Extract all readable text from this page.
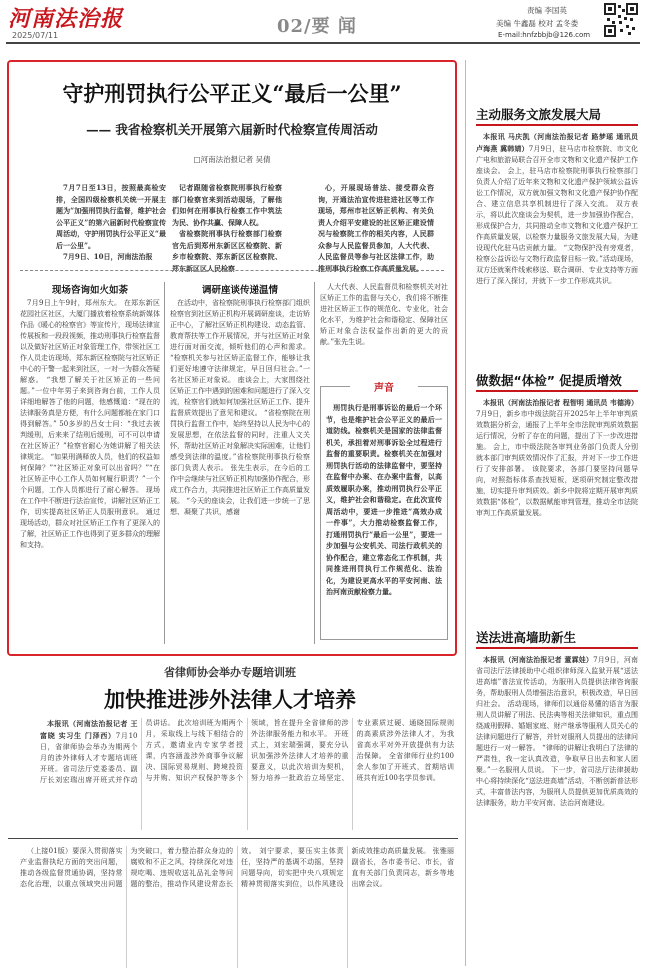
河南法治报
2025/07/11	02/要 闻
责编 李国英
美编 牛鑫磊 校对 孟冬娄
E-mail:hnfzbbjb@126.com
守护刑罚执行公平正义“最后一公里”
—— 我省检察机关开展第六届新时代检察宣传周活动
□河南法治报记者 吴倩

7月7日至13日，按照最高检安排，全国四级检察机关统一开展主题为“加强刑罚执行监督，维护社会公平正义”的第六届新时代检察宣传周活动，守护刑罚执行公平正义“最后一公里”。

7月9日、10日，河南法治报

记者跟随省检察院刑事执行检察部门检察官来到活动现场，了解他们如何在刑事执行检察工作中筑法为民、协作共赢、保障人权。

省检察院刑事执行检察部门检察官先后到郑州东新区区检察院、新乡市检察院、郑东新区区检察院、郑东新区区人民检察

心，开展现场普法、接受群众咨询，开通法治宣传进驻进社区等工作现场，郑州市社区矫正机构、有关负责人介绍平安建设的社区矫正建设情况与检察院工作的相关内容，人民群众参与人民监督员参加，人大代表、人民监督员等参与社区法律工作，助推刑事执行检察工作高质量发展。

现场咨询如火如荼

7月9日上午9时，郑州东大。 在郑东新区花园社区社区，大厦门播放着检察系统新媒体作品《暖心的检察官》等宣传片，现场法律宣传展板和一段段视频，推动刑事执行检察监督以及做好社区矫正对象管理工作，带领社区工作人员走访现场，郑东新区检察院与社区矫正中心的干警一起来到社区，一对一为群众答疑解惑。 “我想了解关于社区矫正的一些问题。”一位中年男子来到咨询台前，工作人员详细地解答了他的问题，他感慨道：“现在的法律服务真是方便，有什么问题都能在家门口得到解答。” 50多岁的吕女士问：“我过去被判缓刑，后来来了结刑后缓刑，可不可以申请在社区矫正？”检察官耐心为她讲解了相关法律规定。 “如果刑满释放人员，他们的权益如何保障？”“社区矫正对象可以出省吗？”“在社区矫正中心工作人员如何履行职责？”一个个问题，工作人员都进行了耐心解答。 现场在工作中不断进行法治宣传，讲解社区矫正工作，切实提高社区矫正人员服刑意识。 通过现场活动，群众对社区矫正工作有了更深入的了解，社区矫正工作也得到了更多群众的理解和支持。

调研座谈传递温情

在活动中，省检察院刑事执行检察部门组织检察官到社区矫正机构开展调研座谈，走访矫正中心，了解社区矫正机构建设、动态监管、教育帮扶等工作开展情况，并与社区矫正对象进行面对面交流，倾听他们的心声和需求。 “检察机关参与社区矫正监督工作，能够让我们更好地遵守法律规定，早日回归社会。”一名社区矫正对象说。 座谈会上，大家围绕社区矫正工作中遇到的困难和问题进行了深入交流，检察官们就如何加强社区矫正工作、提升监督质效提出了意见和建议。 “省检察院在刑罚执行监督工作中，始终坚持以人民为中心的发展思想，在依法监督的同时，注重人文关怀，帮助社区矫正对象解决实际困难，让他们感受到法律的温度。”省检察院刑事执行检察部门负责人表示。 张先生表示，在今后的工作中会继续与社区矫正机构加强协作配合，形成工作合力，共同推进社区矫正工作高质量发展。 “今天的座谈会，让我们进一步统一了思想、凝聚了共识，感谢

人大代表、人民监督员和检察机关对社区矫正工作的监督与关心，我们将不断推进社区矫正工作的规范化、专业化，社会化水平，为维护社会和谐稳定、保障社区矫正对象合法权益作出新的更大的贡献。”张先生说。

声音

刑罚执行是刑事诉讼的最后一个环节，也是维护社会公平正义的最后一道防线。检察机关是国家的法律监督机关，承担着对刑事诉讼全过程进行监督的重要职责。检察机关在加强对刑罚执行活动的法律监督中，要坚持在监督中办案、在办案中监督，以高质效履职办案，推动刑罚执行公平正义，维护社会和谐稳定。在此次宣传周活动中，要进一步推进“高效办成一件事”，大力推动检察监督工作，打通刑罚执行“最后一公里”，要进一步加强与公安机关、司法行政机关的协作配合，建立常态化工作机制，共同推进刑罚执行工作规范化、法治化，为建设更高水平的平安河南、法治河南贡献检察力量。

主动服务文旅发展大局

本报讯 马庆凯（河南法治报记者 路梦瑶 通讯员 卢海燕 冀韩婧）7月9日，驻马店市检察院、市文化广电和旅游局联合召开全市文物和文化遗产保护工作座谈会。 会上，驻马店市检察院刑事执行检察部门负责人介绍了近年来文物和文化遗产保护领域公益诉讼工作情况，双方就加强文物和文化遗产保护协作配合、建立信息共享机制进行了深入交流。 双方表示，将以此次座谈会为契机，进一步加强协作配合，形成保护合力，共同推动全市文物和文化遗产保护工作高质量发展，以检察力量服务文旅发展大局，为建设现代化驻马店贡献力量。 “文物保护没有旁观者，检察公益诉讼与文物行政监督目标一致。”活动现场，双方还就案件线索移送、联合调研、专业支持等方面进行了深入探讨，并就下一步工作形成共识。

做数据“体检” 促提质增效

本报讯（河南法治报记者 程智明 通讯员 韦德涛）7月9日，新乡市中级法院召开2025年上半年审判质效数据分析会，通报了上半年全市法院审判质效数据运行情况，分析了存在的问题，提出了下一步改进措施。 会上，市中级法院各审判业务部门负责人分别就本部门审判质效情况作了汇报，并对下一步工作进行了安排部署。 该院要求，各部门要坚持问题导向，对照指标体系查找短板，逐项研究制定整改措施，切实提升审判质效。新乡中院将定期开展审判质效数据“体检”，以数据赋能审判管理，推动全市法院审判工作高质量发展。

送法进高墙助新生

本报讯（河南法治报记者 董霖娃）7月9日，河南省司法厅法律援助中心组织律师深入监狱开展“送法进高墙”普法宣传活动，为服刑人员提供法律咨询服务，帮助服刑人员增强法治意识，积极改造，早日回归社会。 活动现场，律师们以通俗易懂的语言为服刑人员讲解了刑法、民法典等相关法律知识，重点围绕减刑假释、婚姻家庭、财产继承等服刑人员关心的法律问题进行了解答，并针对服刑人员提出的法律问题进行一对一解答。 “律师的讲解让我明白了法律的严肃性，我一定认真改造，争取早日出去和家人团聚。”一名服刑人员说。 下一步，省司法厅法律援助中心将持续深化“送法进高墙”活动，不断创新普法形式，丰富普法内容，为服刑人员提供更加优质高效的法律服务，助力平安河南、法治河南建设。

省律师协会举办专题培训班
加快推进涉外法律人才培养

本报讯（河南法治报记者 王富晓 实习生 门泽西）7月10日，省律师协会举办为期两个月的涉外律师人才专题培训班开班。省司法厅党委委员、副厅长刘宏瑞出席开班式并作动员讲话。 此次培训班为期两个月，采取线上与线下相结合的方式，邀请业内专家学者授课，内容涵盖涉外商事争议解决、国际贸易规则、跨境投资与并购、知识产权保护等多个领域，旨在提升全省律师的涉外法律服务能力和水平。 开班式上，刘宏瑞强调，要充分认识加强涉外法律人才培养的重要意义，以此次培训为契机，努力培养一批政治立场坚定、专业素质过硬、通晓国际规则的高素质涉外法律人才，为我省高水平对外开放提供有力法治保障。 全省律师行业约100余人参加了开班式，首期培训班共有近100名学员参训。

（上接01版）要深入贯彻落实产业监督执纪方面的突出问题，推动各级监督贯通协调，坚持常态化治理，以重点领域突出问题为突破口，着力整治群众身边的腐败和不正之风，持续深化对违规吃喝、违规收送礼品礼金等问题的整治，推动作风建设常态长效。 刘宁要求，要压实主体责任，坚持严的基调不动摇，坚持问题导向，切实把中央八项规定精神贯彻落实到位，以作风建设新成效推动高质量发展。 张雅丽副省长，各市委书记、市长，省直有关部门负责同志，新乡等地出席会议。
